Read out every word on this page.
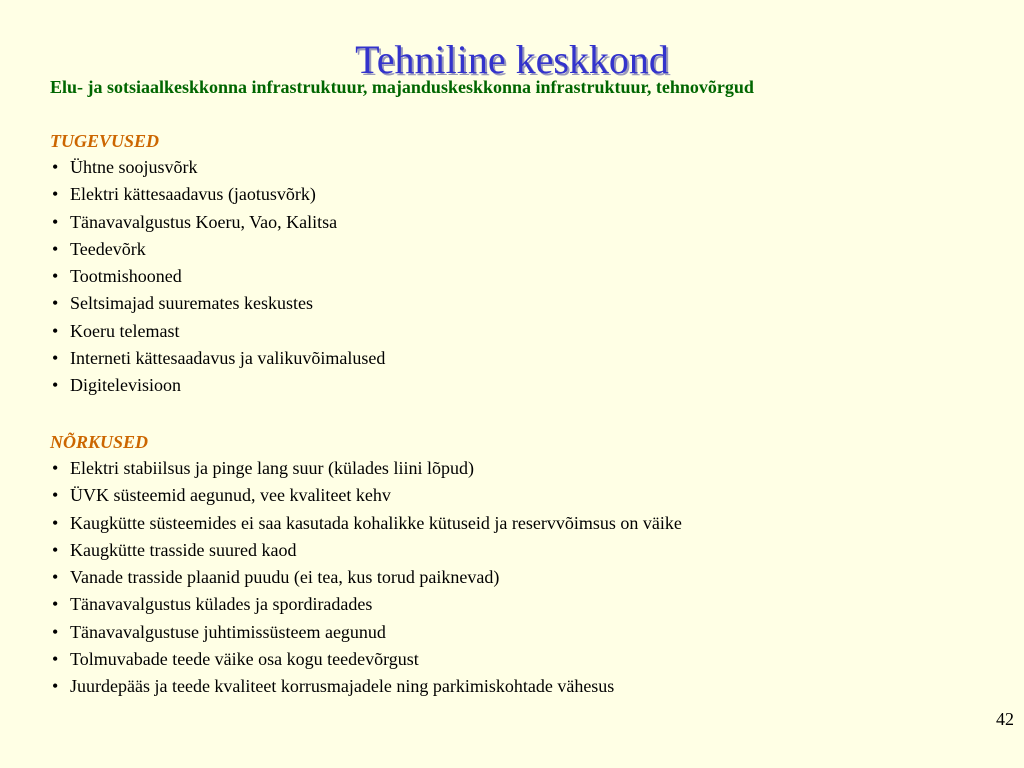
Tehniline keskkond
Elu- ja sotsiaalkeskkonna infrastruktuur, majanduskeskkonna infrastruktuur, tehnovõrgud
TUGEVUSED
• Ühtne soojusvõrk
• Elektri kättesaadavus (jaotusvõrk)
• Tänavavalgustus Koeru, Vao, Kalitsa
• Teedevõrk
• Tootmishooned
• Seltsimajad suuremates keskustes
• Koeru telemast
• Interneti kättesaadavus ja valikuvõimalused
• Digitelevisioon
NÕRKUSED
• Elektri stabiilsus ja pinge lang suur (külades liini lõpud)
• ÜVK süsteemid aegunud, vee kvaliteet kehv
• Kaugkütte süsteemides ei saa kasutada kohalikke kütuseid ja reservvõimsus on väike
• Kaugkütte trasside suured kaod
• Vanade trasside plaanid puudu (ei tea, kus torud paiknevad)
• Tänavavalgustus külades ja spordiradades
• Tänavavalgustuse juhtimissüsteem aegunud
• Tolmuvabade teede väike osa kogu teedevõrgust
• Juurdepääs ja teede kvaliteet korrusmajadele ning parkimiskohtade vähesus
42
